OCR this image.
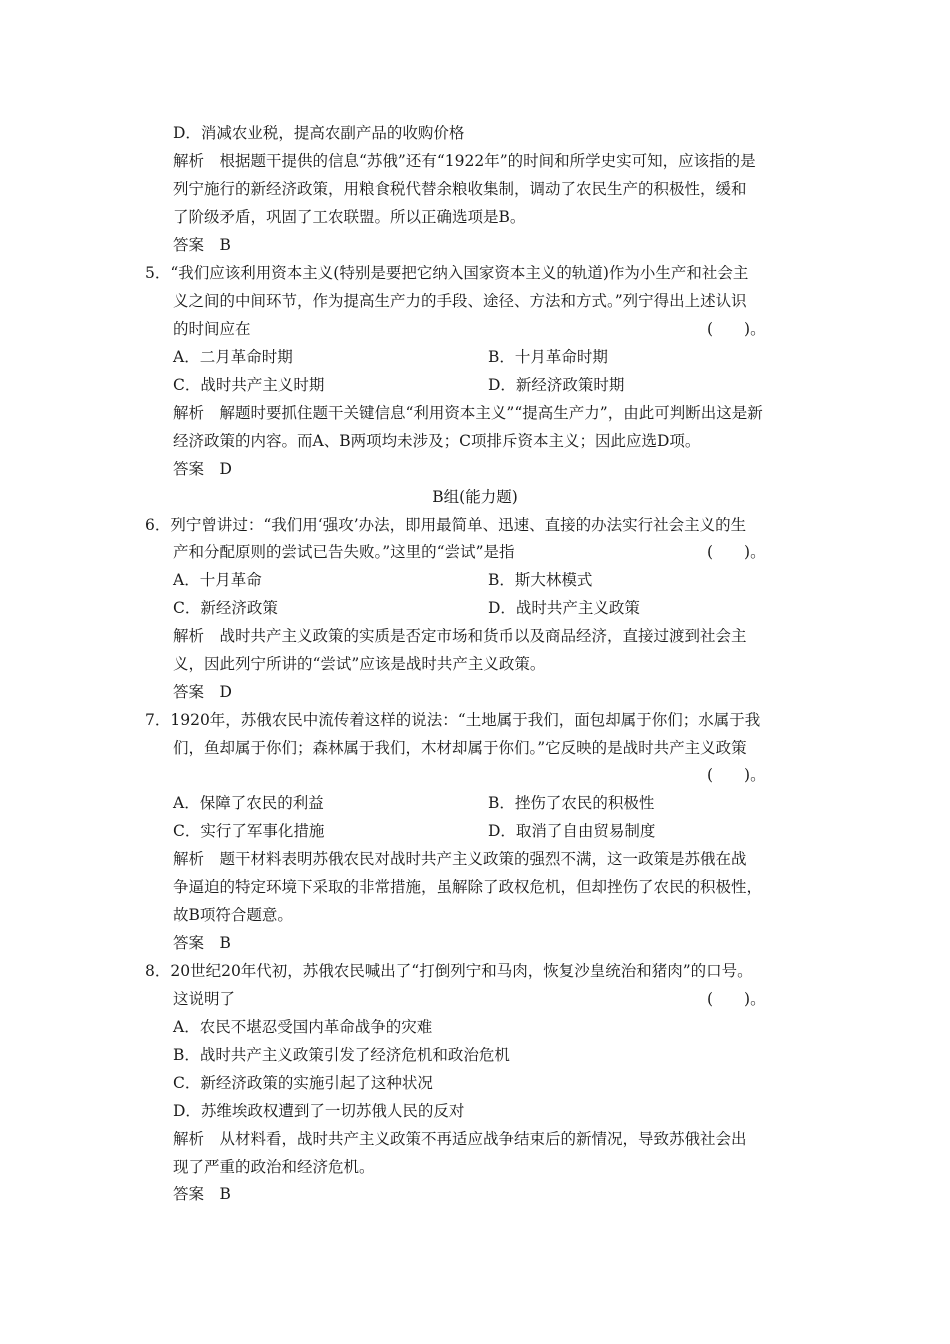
D．消减农业税，提高农副产品的收购价格
解析　根据题干提供的信息“苏俄”还有“1922年”的时间和所学史实可知，应该指的是
列宁施行的新经济政策，用粮食税代替余粮收集制，调动了农民生产的积极性，缓和
了阶级矛盾，巩固了工农联盟。所以正确选项是B。
答案　B
5．“我们应该利用资本主义(特别是要把它纳入国家资本主义的轨道)作为小生产和社会主
义之间的中间环节，作为提高生产力的手段、途径、方法和方式。”列宁得出上述认识
的时间应在	(　　)。
A．二月革命时期	B．十月革命时期
C．战时共产主义时期	D．新经济政策时期
解析　解题时要抓住题干关键信息“利用资本主义”“提高生产力”，由此可判断出这是新
经济政策的内容。而A、B两项均未涉及；C项排斥资本主义；因此应选D项。
答案　D
B组(能力题)
6．列宁曾讲过：“我们用‘强攻’办法，即用最简单、迅速、直接的办法实行社会主义的生
产和分配原则的尝试已告失败。”这里的“尝试”是指	(　　)。
A．十月革命	B．斯大林模式
C．新经济政策	D．战时共产主义政策
解析　战时共产主义政策的实质是否定市场和货币以及商品经济，直接过渡到社会主
义，因此列宁所讲的“尝试”应该是战时共产主义政策。
答案　D
7．1920年，苏俄农民中流传着这样的说法：“土地属于我们，面包却属于你们；水属于我
们，鱼却属于你们；森林属于我们，木材却属于你们。”它反映的是战时共产主义政策
(　　)。
A．保障了农民的利益	B．挫伤了农民的积极性
C．实行了军事化措施	D．取消了自由贸易制度
解析　题干材料表明苏俄农民对战时共产主义政策的强烈不满，这一政策是苏俄在战
争逼迫的特定环境下采取的非常措施，虽解除了政权危机，但却挫伤了农民的积极性，
故B项符合题意。
答案　B
8．20世纪20年代初，苏俄农民喊出了“打倒列宁和马肉，恢复沙皇统治和猪肉”的口号。
这说明了	(　　)。
A．农民不堪忍受国内革命战争的灾难
B．战时共产主义政策引发了经济危机和政治危机
C．新经济政策的实施引起了这种状况
D．苏维埃政权遭到了一切苏俄人民的反对
解析　从材料看，战时共产主义政策不再适应战争结束后的新情况，导致苏俄社会出
现了严重的政治和经济危机。
答案　B
